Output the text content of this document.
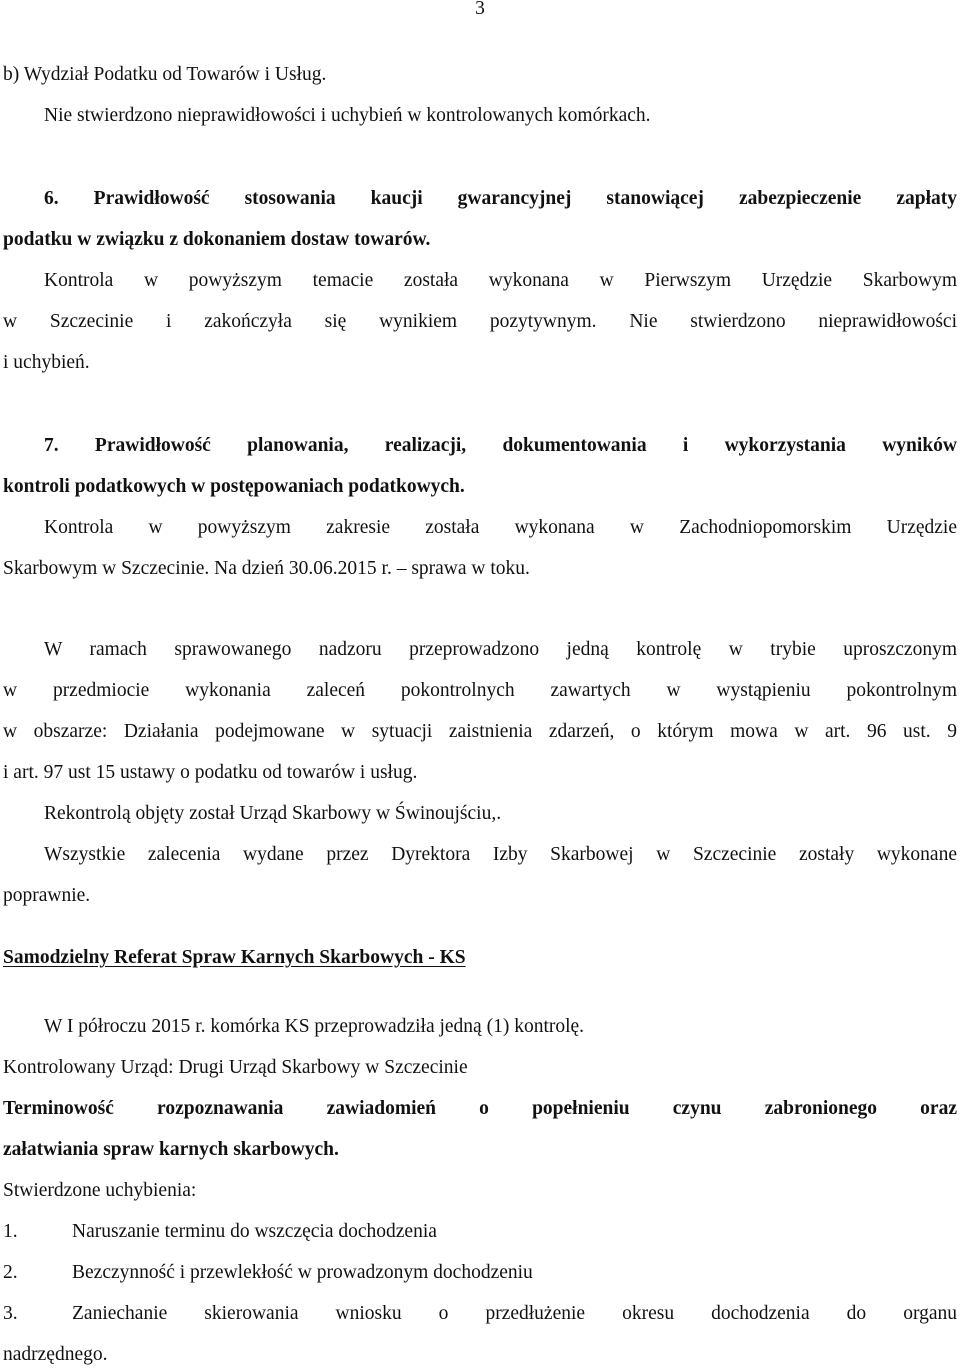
3

b) Wydział Podatku od Towarów i Usług.

Nie stwierdzono nieprawidłowości i uchybień w kontrolowanych komórkach.

6. Prawidłowość stosowania kaucji gwarancyjnej stanowiącej zabezpieczenie zapłaty

podatku w związku z dokonaniem dostaw towarów.

Kontrola w powyższym temacie została wykonana w Pierwszym Urzędzie Skarbowym

w Szczecinie i zakończyła się wynikiem pozytywnym. Nie stwierdzono nieprawidłowości

i uchybień.

7. Prawidłowość planowania, realizacji, dokumentowania i wykorzystania wyników

kontroli podatkowych w postępowaniach podatkowych.

Kontrola w powyższym zakresie została wykonana w Zachodniopomorskim Urzędzie

Skarbowym w Szczecinie. Na dzień 30.06.2015 r. – sprawa w toku.

W ramach sprawowanego nadzoru przeprowadzono jedną kontrolę w trybie uproszczonym

w przedmiocie wykonania zaleceń pokontrolnych zawartych w wystąpieniu pokontrolnym

w obszarze: Działania podejmowane w sytuacji zaistnienia zdarzeń, o którym mowa w art. 96 ust. 9

i art. 97 ust 15 ustawy o podatku od towarów i usług.

Rekontrolą objęty został Urząd Skarbowy w Świnoujściu,.

Wszystkie zalecenia wydane przez Dyrektora Izby Skarbowej w Szczecinie zostały wykonane

poprawnie.

Samodzielny Referat Spraw Karnych Skarbowych - KS

W I półroczu 2015 r. komórka KS przeprowadziła jedną (1) kontrolę.

Kontrolowany Urząd: Drugi Urząd Skarbowy w Szczecinie

Terminowość rozpoznawania zawiadomień o popełnieniu czynu zabronionego oraz

załatwiania spraw karnych skarbowych.

Stwierdzone uchybienia:

1.	Naruszanie terminu do wszczęcia dochodzenia
2.	Bezczynność i przewlekłość w prowadzonym dochodzeniu
3.	Zaniechanie skierowania wniosku o przedłużenie okresu dochodzenia do organu

nadrzędnego.
